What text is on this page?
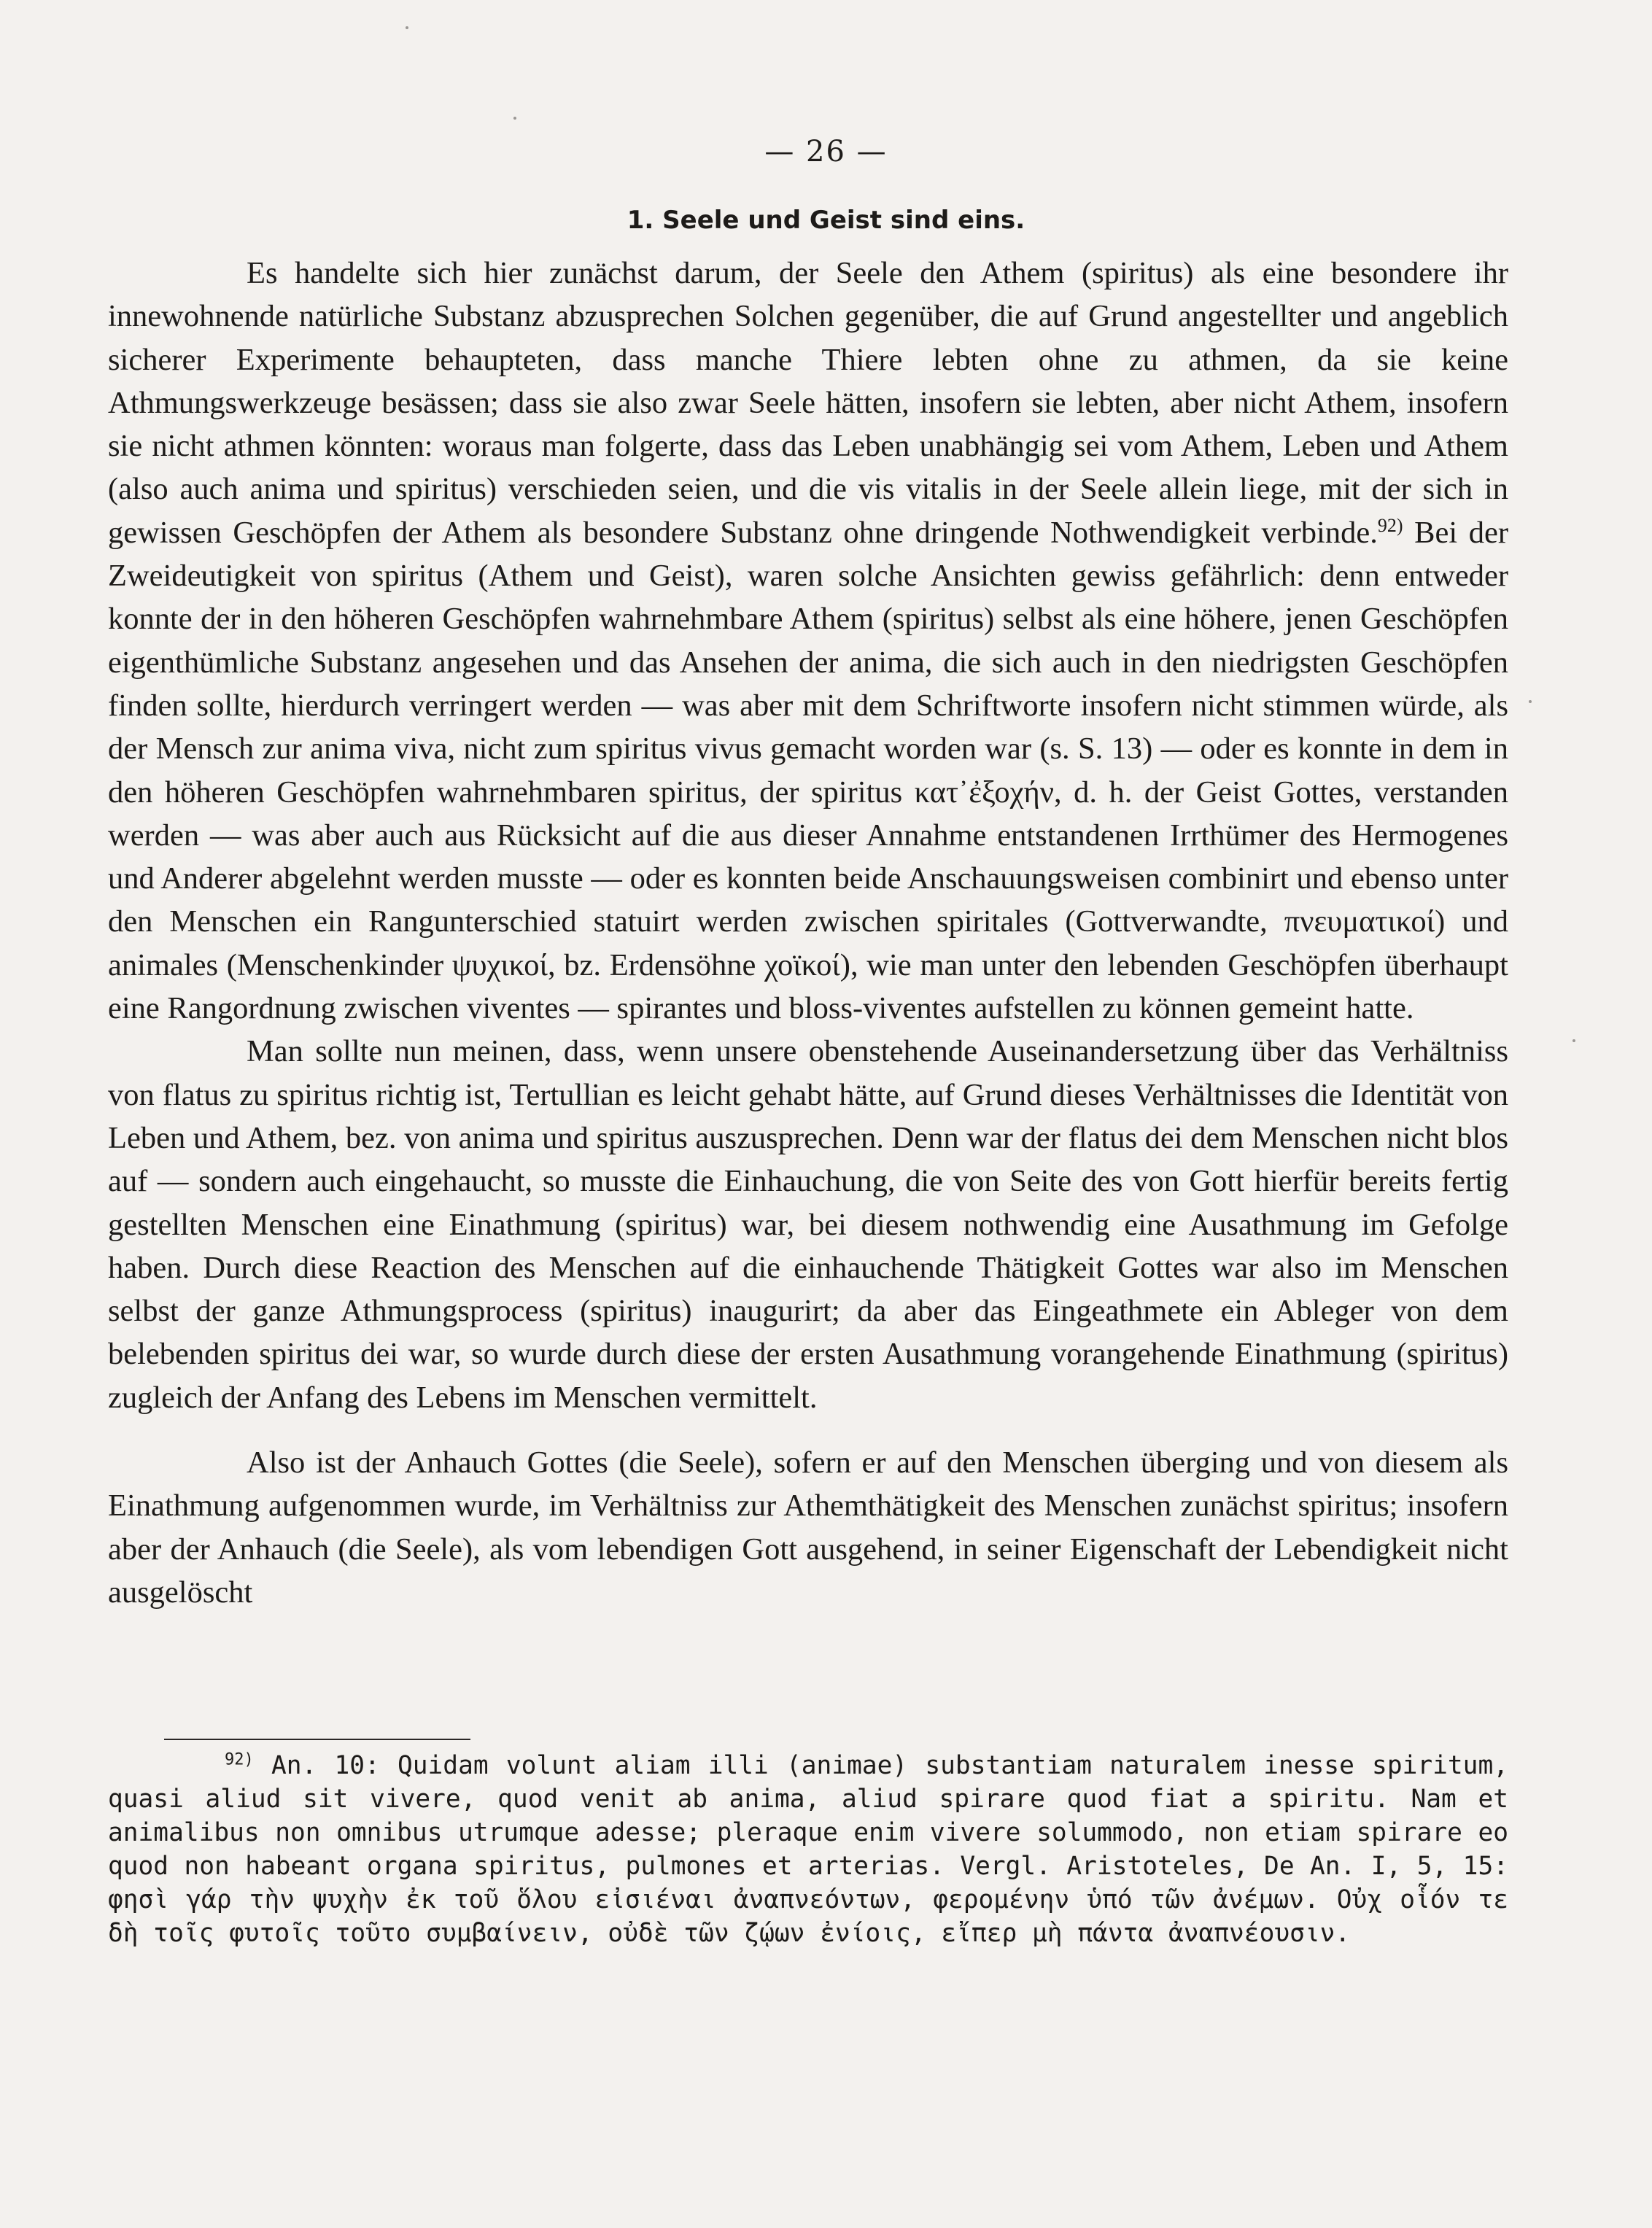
— 26 —
1. Seele und Geist sind eins.

Es handelte sich hier zunächst darum, der Seele den Athem (spiritus) als eine besondere ihr innewohnende natürliche Substanz abzusprechen Solchen gegenüber, die auf Grund angestellter und angeblich sicherer Experimente behaupteten, dass manche Thiere lebten ohne zu athmen, da sie keine Athmungswerkzeuge besässen; dass sie also zwar Seele hätten, insofern sie lebten, aber nicht Athem, insofern sie nicht athmen könnten: woraus man folgerte, dass das Leben unabhängig sei vom Athem, Leben und Athem (also auch anima und spiritus) verschieden seien, und die vis vitalis in der Seele allein liege, mit der sich in gewissen Geschöpfen der Athem als besondere Substanz ohne dringende Nothwendigkeit verbinde.$^{92)}$ Bei der Zweideutigkeit von spiritus (Athem und Geist), waren solche Ansichten gewiss gefährlich: denn entweder konnte der in den höheren Geschöpfen wahrnehmbare Athem (spiritus) selbst als eine höhere, jenen Geschöpfen eigenthümliche Substanz angesehen und das Ansehen der anima, die sich auch in den niedrigsten Geschöpfen finden sollte, hierdurch verringert werden — was aber mit dem Schriftworte insofern nicht stimmen würde, als der Mensch zur anima viva, nicht zum spiritus vivus gemacht worden war (s. S. 13) — oder es konnte in dem in den höheren Geschöpfen wahrnehmbaren spiritus, der spiritus κατ᾽ἐξοχήν, d. h. der Geist Gottes, verstanden werden — was aber auch aus Rücksicht auf die aus dieser Annahme entstandenen Irrthümer des Hermogenes und Anderer abgelehnt werden musste — oder es konnten beide Anschauungsweisen combinirt und ebenso unter den Menschen ein Rangunterschied statuirt werden zwischen spiritales (Gottverwandte, πνευματικοί) und animales (Menschenkinder ψυχικοί, bz. Erdensöhne χοϊκοί), wie man unter den lebenden Geschöpfen überhaupt eine Rangordnung zwischen viventes — spirantes und bloss-viventes aufstellen zu können gemeint hatte.

Man sollte nun meinen, dass, wenn unsere obenstehende Auseinandersetzung über das Verhältniss von flatus zu spiritus richtig ist, Tertullian es leicht gehabt hätte, auf Grund dieses Verhältnisses die Identität von Leben und Athem, bez. von anima und spiritus auszusprechen. Denn war der flatus dei dem Menschen nicht blos auf — sondern auch eingehaucht, so musste die Einhauchung, die von Seite des von Gott hierfür bereits fertig gestellten Menschen eine Einathmung (spiritus) war, bei diesem nothwendig eine Ausathmung im Gefolge haben. Durch diese Reaction des Menschen auf die einhauchende Thätigkeit Gottes war also im Menschen selbst der ganze Athmungsprocess (spiritus) inaugurirt; da aber das Eingeathmete ein Ableger von dem belebenden spiritus dei war, so wurde durch diese der ersten Ausathmung vorangehende Einathmung (spiritus) zugleich der Anfang des Lebens im Menschen vermittelt.

Also ist der Anhauch Gottes (die Seele), sofern er auf den Menschen überging und von diesem als Einathmung aufgenommen wurde, im Verhältniss zur Athemthätigkeit des Menschen zunächst spiritus; insofern aber der Anhauch (die Seele), als vom lebendigen Gott ausgehend, in seiner Eigenschaft der Lebendigkeit nicht ausgelöscht

$^{92)}$ An. 10: Quidam volunt aliam illi (animae) substantiam naturalem inesse spiritum, quasi aliud sit vivere, quod venit ab anima, aliud spirare quod fiat a spiritu. Nam et animalibus non omnibus utrumque adesse; pleraque enim vivere solummodo, non etiam spirare eo quod non habeant organa spiritus, pulmones et arterias. Vergl. Aristoteles, De An. I, 5, 15: φησὶ γάρ τὴν ψυχὴν ἐκ τοῦ ὅλου εἰσιέναι ἀναπνεόντων, φερομένην ὑπό τῶν ἀνέμων. Οὐχ οἷόν τε δὴ τοῖς φυτοῖς τοῦτο συμβαίνειν, οὐδὲ τῶν ζῴων ἐνίοις, εἴπερ μὴ πάντα ἀναπνέουσιν.
